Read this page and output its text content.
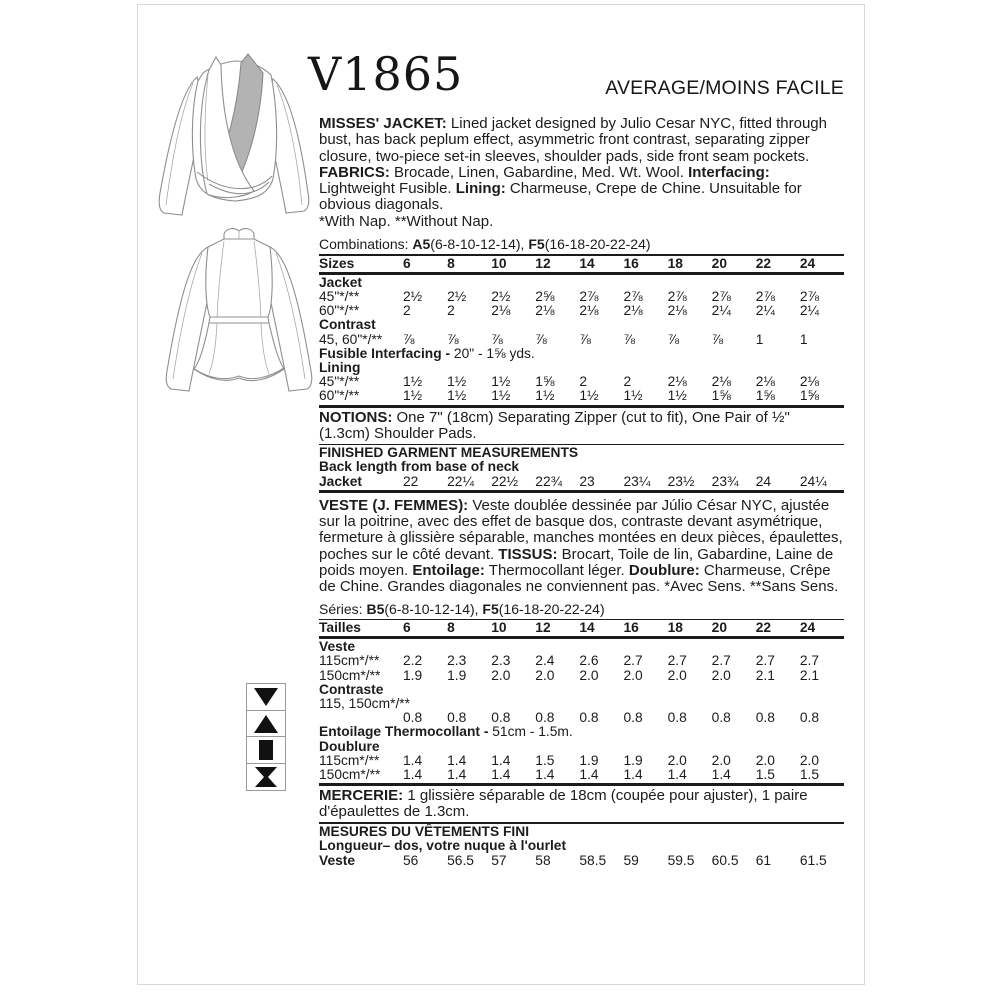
V1865	AVERAGE/MOINS FACILE

MISSES' JACKET: Lined jacket designed by Julio Cesar NYC, fitted through bust, has back peplum effect, asymmetric front contrast, separating zipper closure, two-piece set-in sleeves, shoulder pads, side front seam pockets. FABRICS: Brocade, Linen, Gabardine, Med. Wt. Wool. Interfacing: Lightweight Fusible. Lining: Charmeuse, Crepe de Chine. Unsuitable for obvious diagonals.

*With Nap. **Without Nap.

Combinations: A5(6-8-10-12-14), F5(16-18-20-22-24)

Sizes	6	8	10	12	14	16	18	20	22	24
Jacket
45"*/**	2½	2½	2½	2⅝	2⅞	2⅞	2⅞	2⅞	2⅞	2⅞
60"*/**	2	2	2⅛	2⅛	2⅛	2⅛	2⅛	2¼	2¼	2¼
Contrast
45, 60"*/**	⅞	⅞	⅞	⅞	⅞	⅞	⅞	⅞	1	1
Fusible Interfacing - 20" - 1⅝ yds.
Lining
45"*/**	1½	1½	1½	1⅝	2	2	2⅛	2⅛	2⅛	2⅛
60"*/**	1½	1½	1½	1½	1½	1½	1½	1⅝	1⅝	1⅝
NOTIONS: One 7" (18cm) Separating Zipper (cut to fit), One Pair of ½" (1.3cm) Shoulder Pads.
FINISHED GARMENT MEASUREMENTS
Back length from base of neck
Jacket	22	22¼	22½	22¾	23	23¼	23½	23¾	24	24¼

VESTE (J. FEMMES): Veste doublée dessinée par Júlio César NYC, ajustée sur la poitrine, avec des effet de basque dos, contraste devant asymétrique, fermeture à glissière séparable, manches montées en deux pièces, épaulettes, poches sur le côté devant. TISSUS: Brocart, Toile de lin, Gabardine, Laine de poids moyen. Entoilage: Thermocollant léger. Doublure: Charmeuse, Crêpe de Chine. Grandes diagonales ne conviennent pas. *Avec Sens. **Sans Sens.

Séries: B5(6-8-10-12-14), F5(16-18-20-22-24)

Tailles	6	8	10	12	14	16	18	20	22	24
Veste
115cm*/**	2.2	2.3	2.3	2.4	2.6	2.7	2.7	2.7	2.7	2.7
150cm*/**	1.9	1.9	2.0	2.0	2.0	2.0	2.0	2.0	2.1	2.1
Contraste
115, 150cm*/**
0.8	0.8	0.8	0.8	0.8	0.8	0.8	0.8	0.8	0.8
Entoilage Thermocollant - 51cm - 1.5m.
Doublure
115cm*/**	1.4	1.4	1.4	1.5	1.9	1.9	2.0	2.0	2.0	2.0
150cm*/**	1.4	1.4	1.4	1.4	1.4	1.4	1.4	1.4	1.5	1.5
MERCERIE: 1 glissière séparable de 18cm (coupée pour ajuster), 1 paire d'épaulettes de 1.3cm.
MESURES DU VÊTEMENTS FINI
Longueur– dos, votre nuque à l'ourlet
Veste	56	56.5	57	58	58.5	59	59.5	60.5	61	61.5
